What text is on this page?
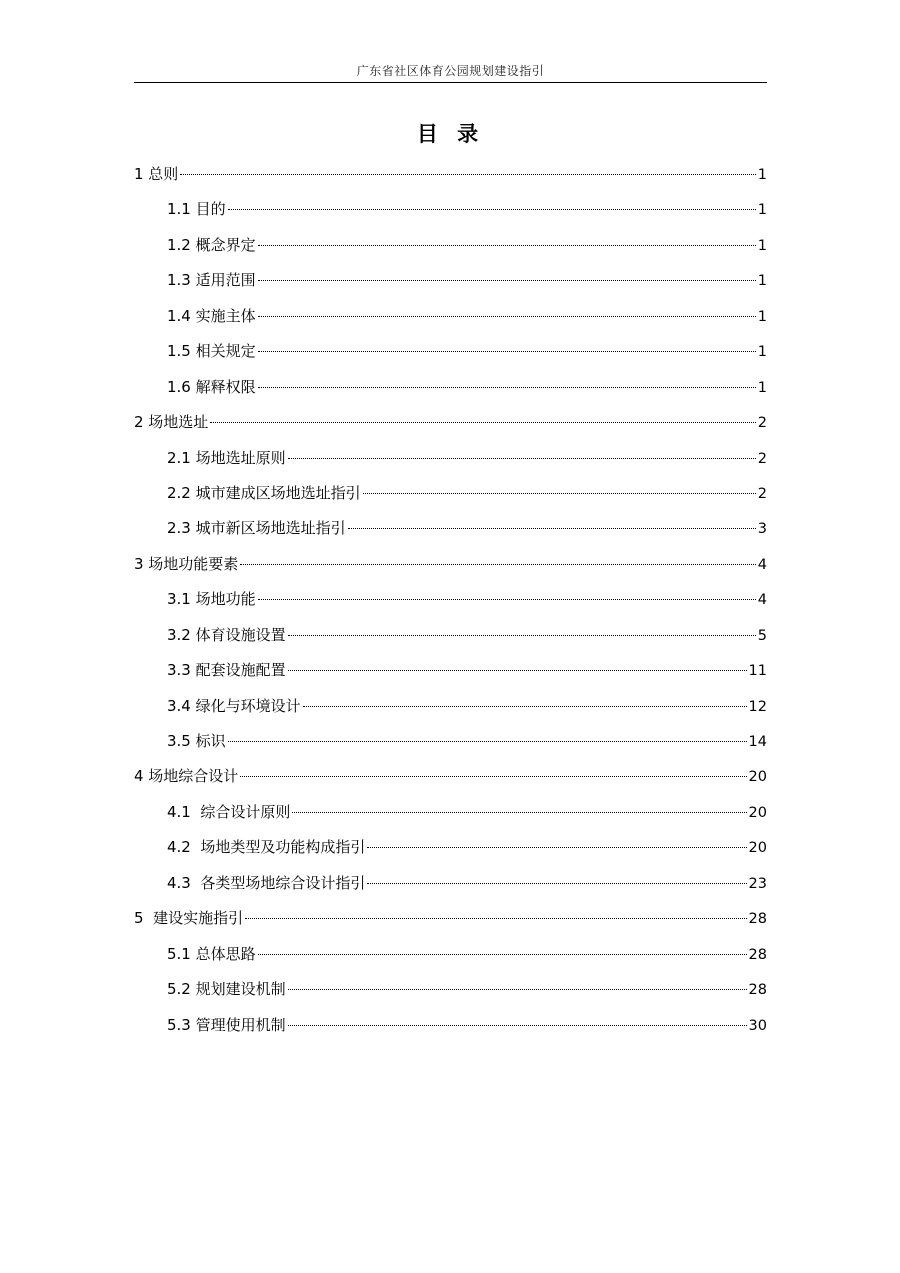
广东省社区体育公园规划建设指引
目 录
1 总则	1
1.1 目的	1
1.2 概念界定	1
1.3 适用范围	1
1.4 实施主体	1
1.5 相关规定	1
1.6 解释权限	1
2 场地选址	2
2.1 场地选址原则	2
2.2 城市建成区场地选址指引	2
2.3 城市新区场地选址指引	3
3 场地功能要素	4
3.1 场地功能	4
3.2 体育设施设置	5
3.3 配套设施配置	11
3.4 绿化与环境设计	12
3.5 标识	14
4 场地综合设计	20
4.1  综合设计原则	20
4.2  场地类型及功能构成指引	20
4.3  各类型场地综合设计指引	23
5  建设实施指引	28
5.1 总体思路	28
5.2 规划建设机制	28
5.3 管理使用机制	30
